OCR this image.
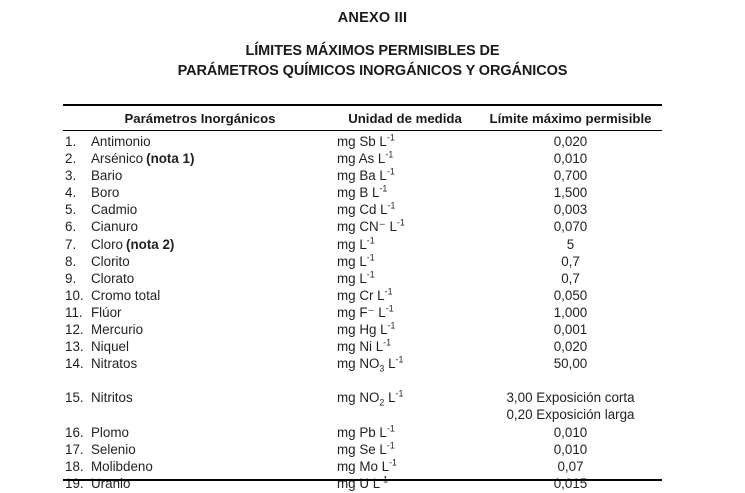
ANEXO III
LÍMITES MÁXIMOS PERMISIBLES DE
PARÁMETROS QUÍMICOS INORGÁNICOS Y ORGÁNICOS
Parámetros Inorgánicos	Unidad de medida	Límite máximo permisible
1.	Antimonio	mg Sb $L^{-1}$	0,020
2.	Arsénico (nota 1)	mg As $L^{-1}$	0,010
3.	Bario	mg Ba $L^{-1}$	0,700
4.	Boro	mg B $L^{-1}$	1,500
5.	Cadmio	mg Cd $L^{-1}$	0,003
6.	Cianuro	mg CN⁻ $L^{-1}$	0,070
7.	Cloro (nota 2)	mg $L^{-1}$	5
8.	Clorito	mg $L^{-1}$	0,7
9.	Clorato	mg $L^{-1}$	0,7
10. Cromo total	mg Cr $L^{-1}$	0,050
11. Flúor	mg F⁻ $L^{-1}$	1,000
12. Mercurio	mg Hg $L^{-1}$	0,001
13. Niquel	mg Ni $L^{-1}$	0,020
14. Nitratos	mg $NO_3$ $L^{-1}$	50,00
15. Nitritos	mg $NO_2$ $L^{-1}$	3,00 Exposición corta
0,20 Exposición larga
16. Plomo	mg Pb $L^{-1}$	0,010
17. Selenio	mg Se $L^{-1}$	0,010
18. Molibdeno	mg Mo $L^{-1}$	0,07
19. Uranio	mg U $L^{-1}$	0,015
